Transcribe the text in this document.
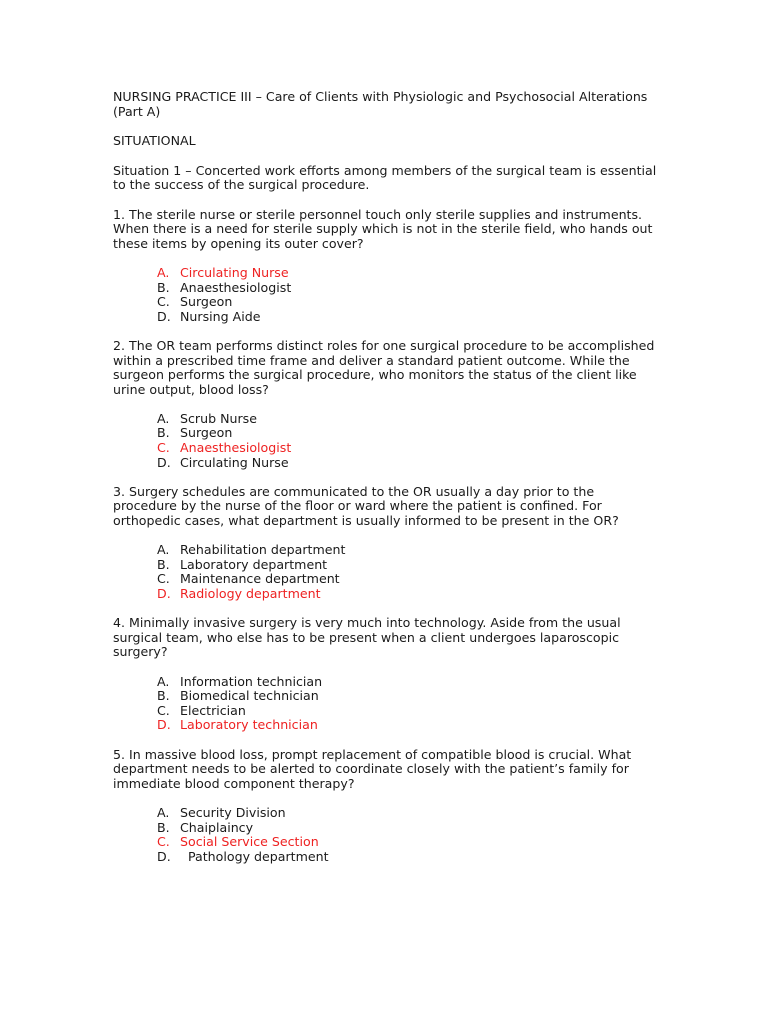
NURSING PRACTICE III – Care of Clients with Physiologic and Psychosocial Alterations (Part A)
SITUATIONAL
Situation 1 – Concerted work efforts among members of the surgical team is essential to the success of the surgical procedure.
1. The sterile nurse or sterile personnel touch only sterile supplies and instruments. When there is a need for sterile supply which is not in the sterile field, who hands out these items by opening its outer cover?
A. Circulating Nurse
B. Anaesthesiologist
C. Surgeon
D. Nursing Aide
2. The OR team performs distinct roles for one surgical procedure to be accomplished within a prescribed time frame and deliver a standard patient outcome. While the surgeon performs the surgical procedure, who monitors the status of the client like urine output, blood loss?
A. Scrub Nurse
B. Surgeon
C. Anaesthesiologist
D. Circulating Nurse
3. Surgery schedules are communicated to the OR usually a day prior to the procedure by the nurse of the floor or ward where the patient is confined. For orthopedic cases, what department is usually informed to be present in the OR?
A. Rehabilitation department
B. Laboratory department
C. Maintenance department
D. Radiology department
4. Minimally invasive surgery is very much into technology. Aside from the usual surgical team, who else has to be present when a client undergoes laparoscopic surgery?
A. Information technician
B. Biomedical technician
C. Electrician
D. Laboratory technician
5. In massive blood loss, prompt replacement of compatible blood is crucial. What department needs to be alerted to coordinate closely with the patient’s family for immediate blood component therapy?
A. Security Division
B. Chaiplaincy
C. Social Service Section
D.	Pathology department
